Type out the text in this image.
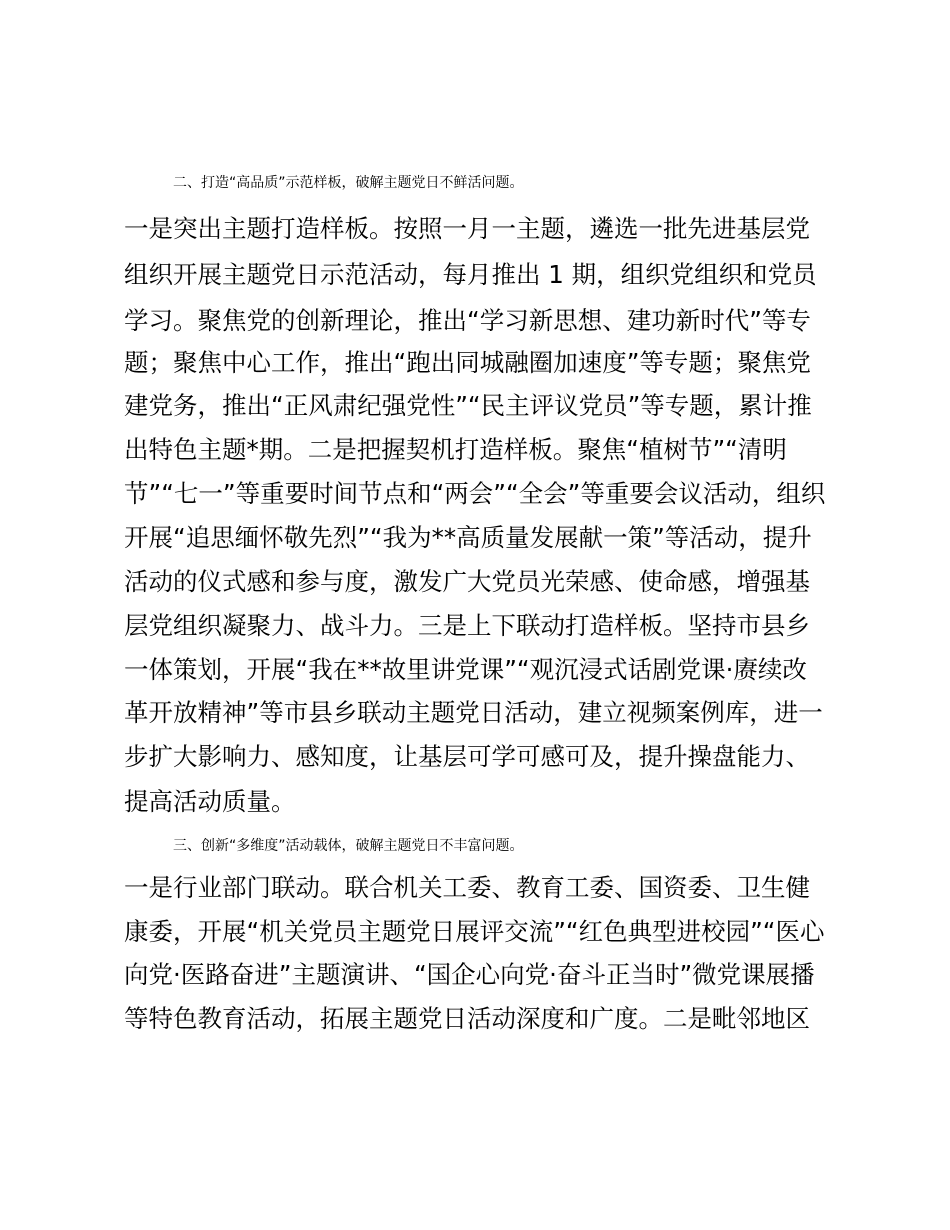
二、打造“高品质”示范样板，破解主题党日不鲜活问题。
一是突出主题打造样板。按照一月一主题，遴选一批先进基层党
组织开展主题党日示范活动，每月推出 1 期，组织党组织和党员
学习。聚焦党的创新理论，推出“学习新思想、建功新时代”等专
题；聚焦中心工作，推出“跑出同城融圈加速度”等专题；聚焦党
建党务，推出“正风肃纪强党性”“民主评议党员”等专题，累计推
出特色主题*期。二是把握契机打造样板。聚焦“植树节”“清明
节”“七一”等重要时间节点和“两会”“全会”等重要会议活动，组织
开展“追思缅怀敬先烈”“我为**高质量发展献一策”等活动，提升
活动的仪式感和参与度，激发广大党员光荣感、使命感，增强基
层党组织凝聚力、战斗力。三是上下联动打造样板。坚持市县乡
一体策划，开展“我在**故里讲党课”“观沉浸式话剧党课·赓续改
革开放精神”等市县乡联动主题党日活动，建立视频案例库，进一
步扩大影响力、感知度，让基层可学可感可及，提升操盘能力、
提高活动质量。
三、创新“多维度”活动载体，破解主题党日不丰富问题。
一是行业部门联动。联合机关工委、教育工委、国资委、卫生健
康委，开展“机关党员主题党日展评交流”“红色典型进校园”“医心
向党·医路奋进”主题演讲、“国企心向党·奋斗正当时”微党课展播
等特色教育活动，拓展主题党日活动深度和广度。二是毗邻地区
